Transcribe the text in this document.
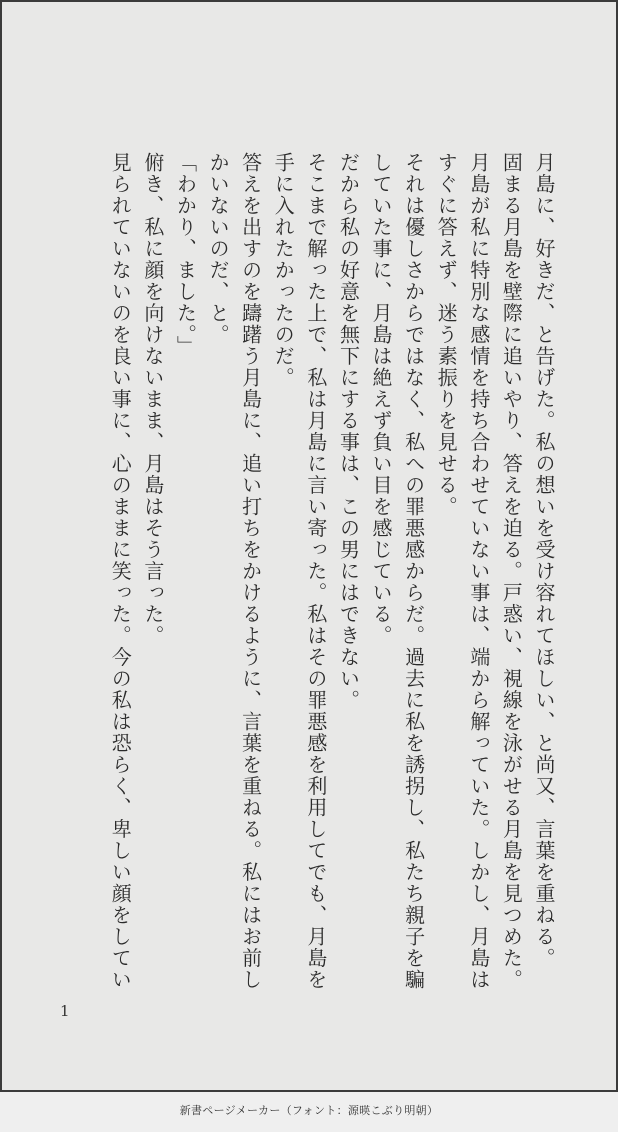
月島に、好きだ、と告げた。私の想いを受け容れてほしい、と尚又、言葉を重ねる。
固まる月島を壁際に追いやり、答えを迫る。戸惑い、視線を泳がせる月島を見つめた。
月島が私に特別な感情を持ち合わせていない事は、端から解っていた。しかし、月島は
すぐに答えず、迷う素振りを見せる。
それは優しさからではなく、私への罪悪感からだ。過去に私を誘拐し、私たち親子を騙
していた事に、月島は絶えず負い目を感じている。
だから私の好意を無下にする事は、この男にはできない。
そこまで解った上で、私は月島に言い寄った。私はその罪悪感を利用してでも、月島を
手に入れたかったのだ。
答えを出すのを躊躇う月島に、追い打ちをかけるように、言葉を重ねる。私にはお前し
かいないのだ、と。
「わかり、ました。」
俯き、私に顔を向けないまま、月島はそう言った。
見られていないのを良い事に、心のままに笑った。今の私は恐らく、卑しい顔をしてい
1
新書ページメーカー（フォント：源暎こぶり明朝）
